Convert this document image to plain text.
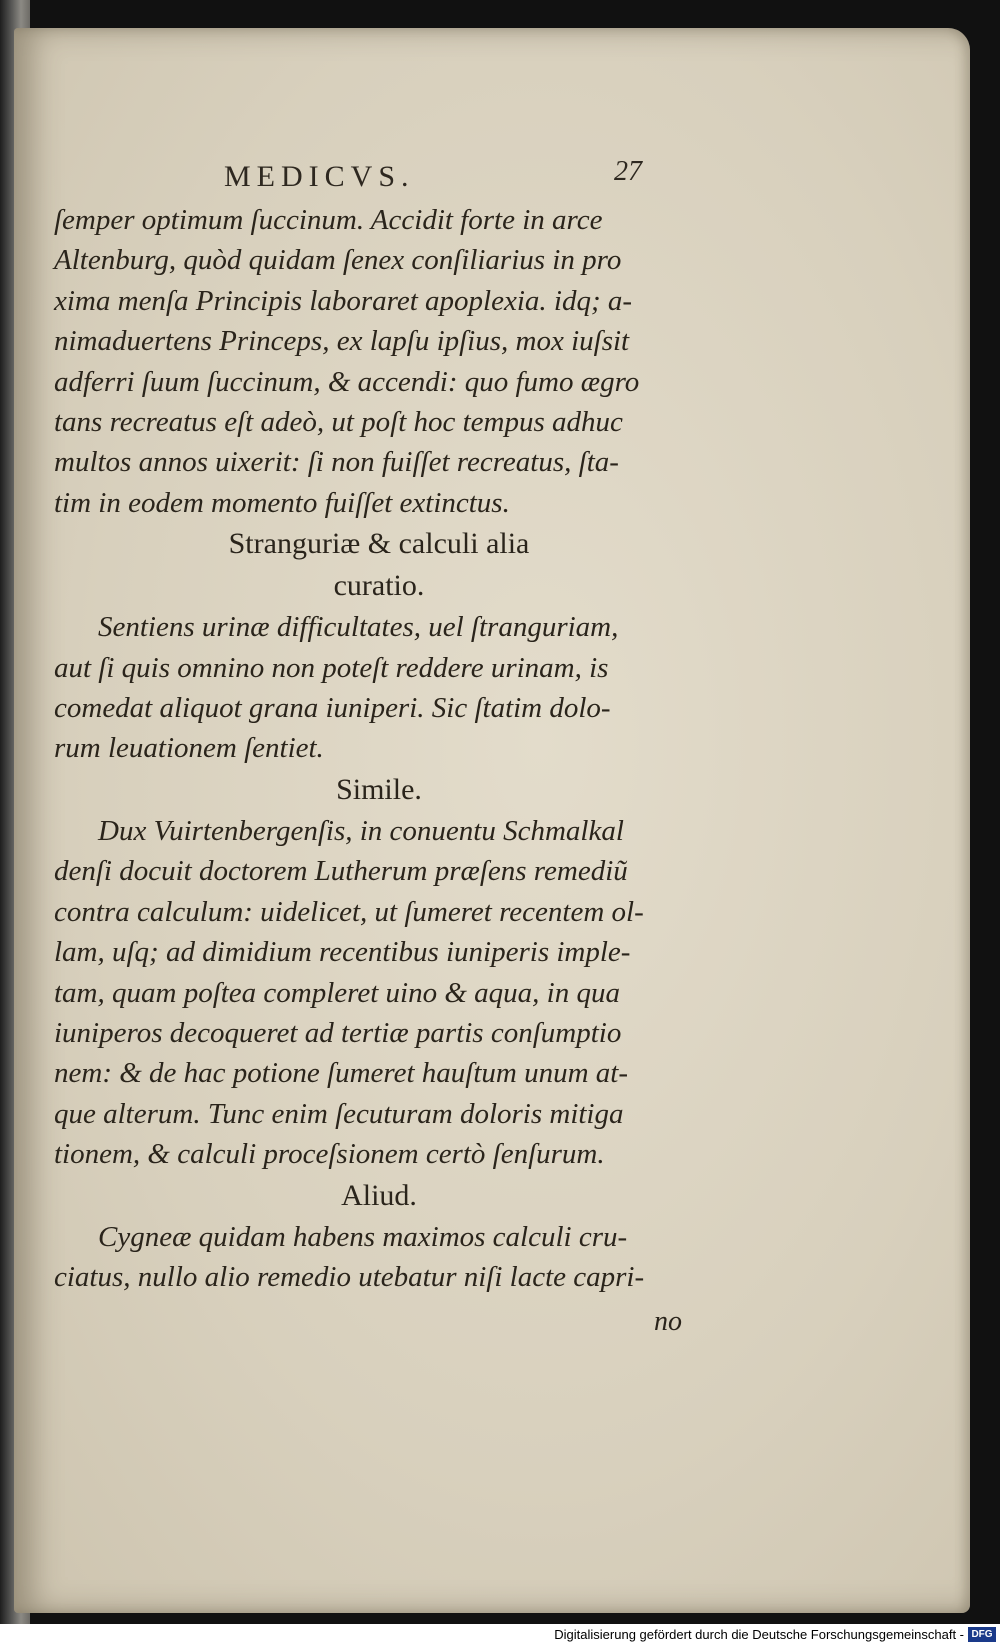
MEDICVS.	27
ſemper optimum ſuccinum. Accidit forte in arce
Altenburg, quòd quidam ſenex conſiliarius in pro
xima menſa Principis laboraret apoplexia. idq; a-
nimaduertens Princeps, ex lapſu ipſius, mox iuſsit
adferri ſuum ſuccinum, & accendi: quo fumo ægro
tans recreatus eſt adeò, ut poſt hoc tempus adhuc
multos annos uixerit: ſi non fuiſſet recreatus, ſta-
tim in eodem momento fuiſſet extinctus.
Stranguriæ & calculi alia
curatio.
Sentiens urinæ difficultates, uel ſtranguriam,
aut ſi quis omnino non poteſt reddere urinam, is
comedat aliquot grana iuniperi. Sic ſtatim dolo-
rum leuationem ſentiet.
Simile.
Dux Vuirtenbergenſis, in conuentu Schmalkal
denſi docuit doctorem Lutherum præſens remediũ
contra calculum: uidelicet, ut ſumeret recentem ol-
lam, uſq; ad dimidium recentibus iuniperis imple-
tam, quam poſtea compleret uino & aqua, in qua
iuniperos decoqueret ad tertiæ partis conſumptio
nem: & de hac potione ſumeret hauſtum unum at-
que alterum. Tunc enim ſecuturam doloris mitiga
tionem, & calculi proceſsionem certò ſenſurum.
Aliud.
Cygneæ quidam habens maximos calculi cru-
ciatus, nullo alio remedio utebatur niſi lacte capri-
no
Digitalisierung gefördert durch die Deutsche Forschungsgemeinschaft - DFG
